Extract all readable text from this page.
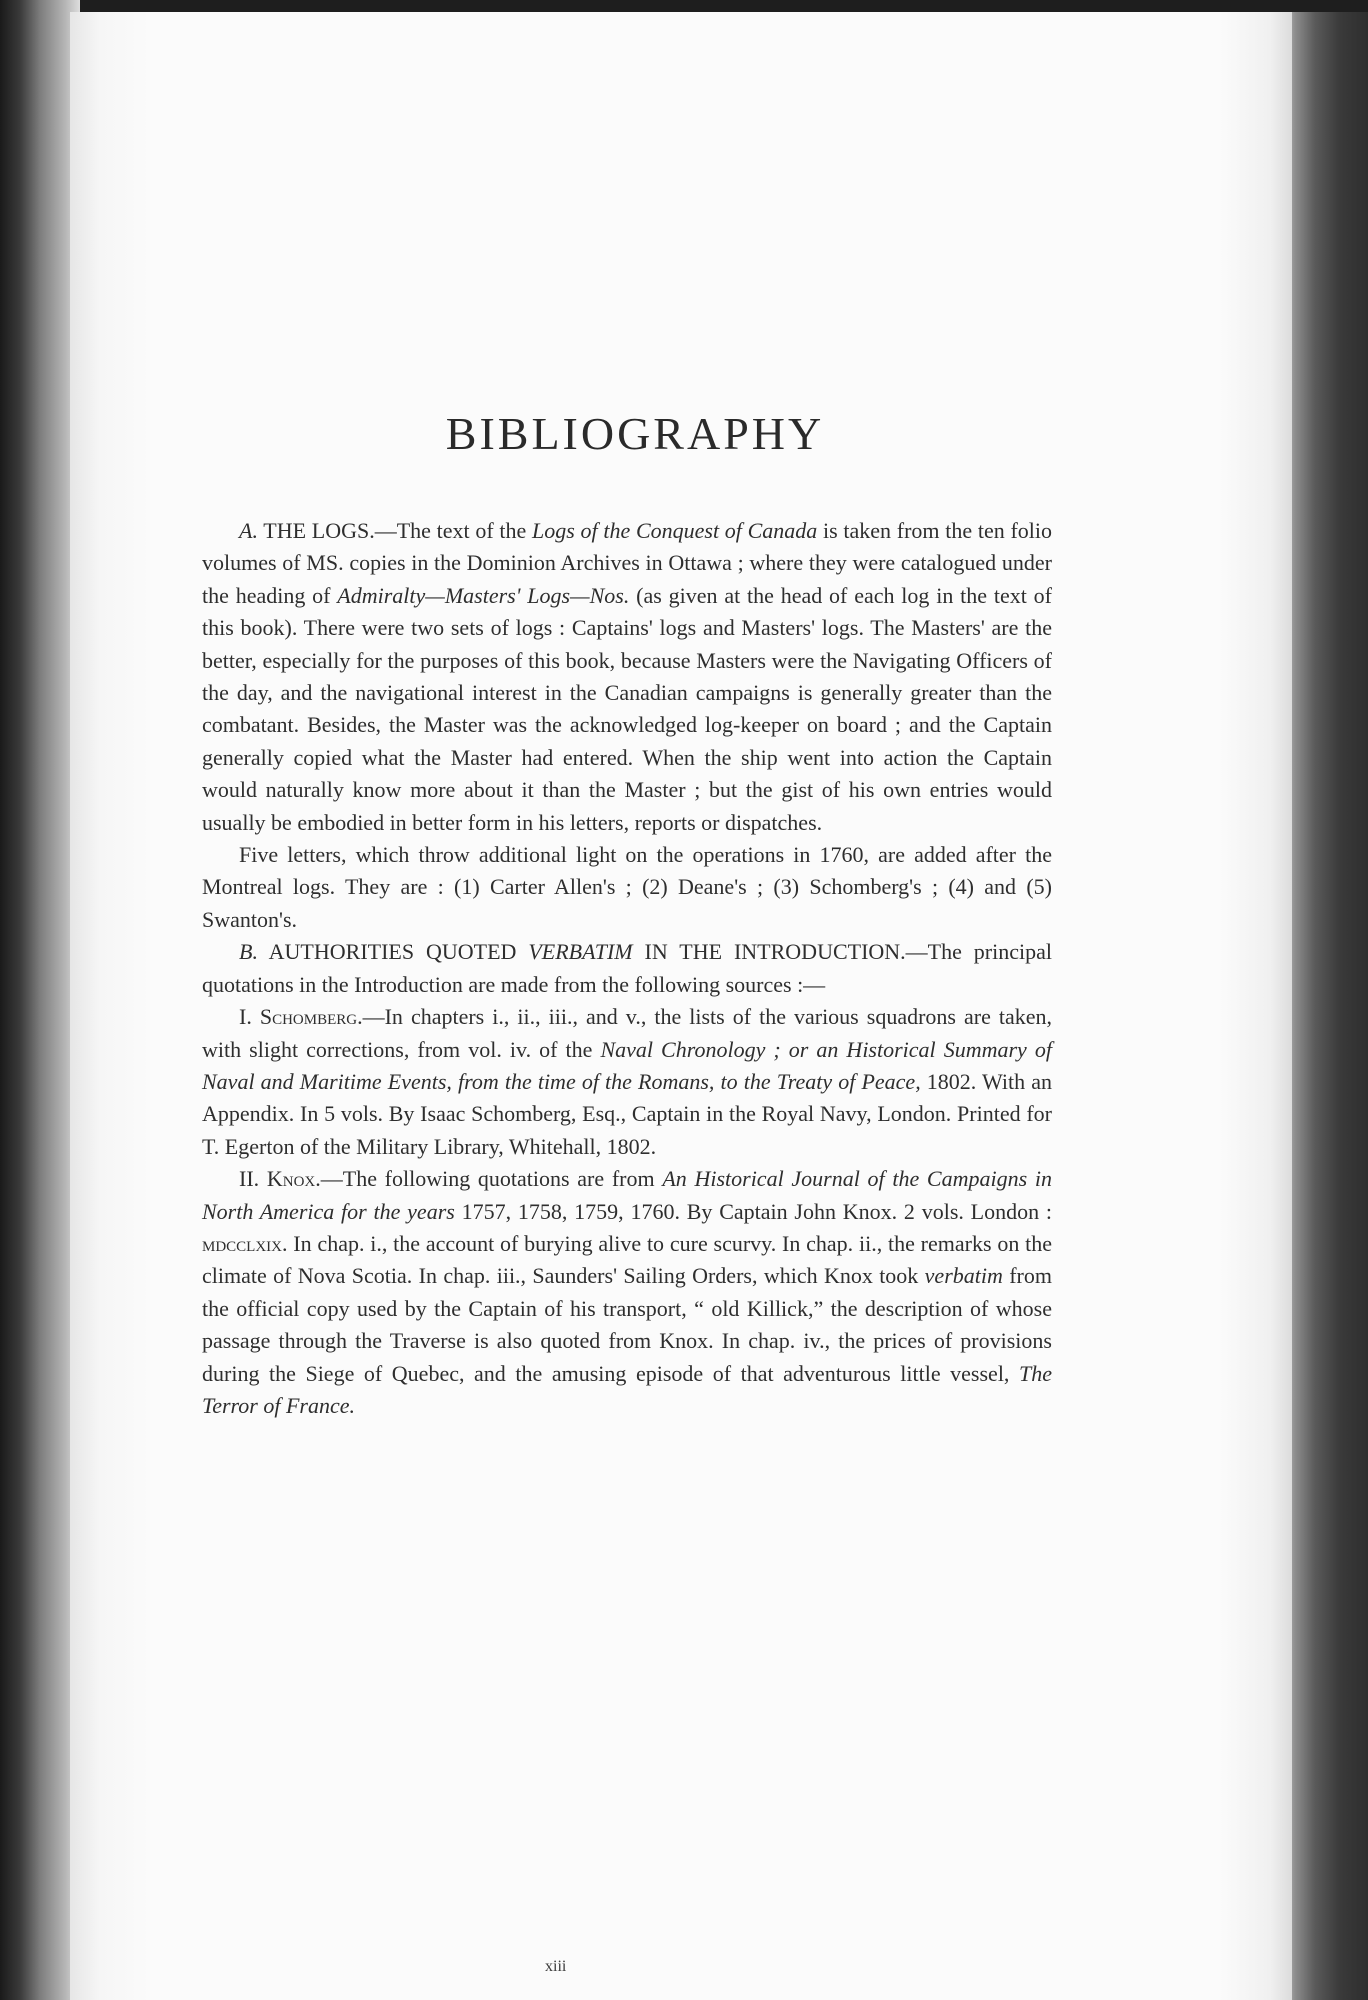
BIBLIOGRAPHY

A. THE LOGS.—The text of the Logs of the Conquest of Canada is taken from the ten folio volumes of MS. copies in the Dominion Archives in Ottawa ; where they were catalogued under the heading of Admiralty—Masters' Logs—Nos. (as given at the head of each log in the text of this book). There were two sets of logs : Captains' logs and Masters' logs. The Masters' are the better, especially for the purposes of this book, because Masters were the Navigating Officers of the day, and the navigational interest in the Canadian campaigns is generally greater than the combatant. Besides, the Master was the acknowledged log-keeper on board ; and the Captain generally copied what the Master had entered. When the ship went into action the Captain would naturally know more about it than the Master ; but the gist of his own entries would usually be embodied in better form in his letters, reports or dispatches.

Five letters, which throw additional light on the operations in 1760, are added after the Montreal logs. They are : (1) Carter Allen's ; (2) Deane's ; (3) Schomberg's ; (4) and (5) Swanton's.

B. AUTHORITIES QUOTED VERBATIM IN THE INTRODUCTION.—The principal quotations in the Introduction are made from the following sources :—

I. Schomberg.—In chapters i., ii., iii., and v., the lists of the various squadrons are taken, with slight corrections, from vol. iv. of the Naval Chronology ; or an Historical Summary of Naval and Maritime Events, from the time of the Romans, to the Treaty of Peace, 1802. With an Appendix. In 5 vols. By Isaac Schomberg, Esq., Captain in the Royal Navy, London. Printed for T. Egerton of the Military Library, Whitehall, 1802.

II. Knox.—The following quotations are from An Historical Journal of the Campaigns in North America for the years 1757, 1758, 1759, 1760. By Captain John Knox. 2 vols. London : mdcclxix. In chap. i., the account of burying alive to cure scurvy. In chap. ii., the remarks on the climate of Nova Scotia. In chap. iii., Saunders' Sailing Orders, which Knox took verbatim from the official copy used by the Captain of his transport, “ old Killick,” the description of whose passage through the Traverse is also quoted from Knox. In chap. iv., the prices of provisions during the Siege of Quebec, and the amusing episode of that adventurous little vessel, The Terror of France.

xiii
